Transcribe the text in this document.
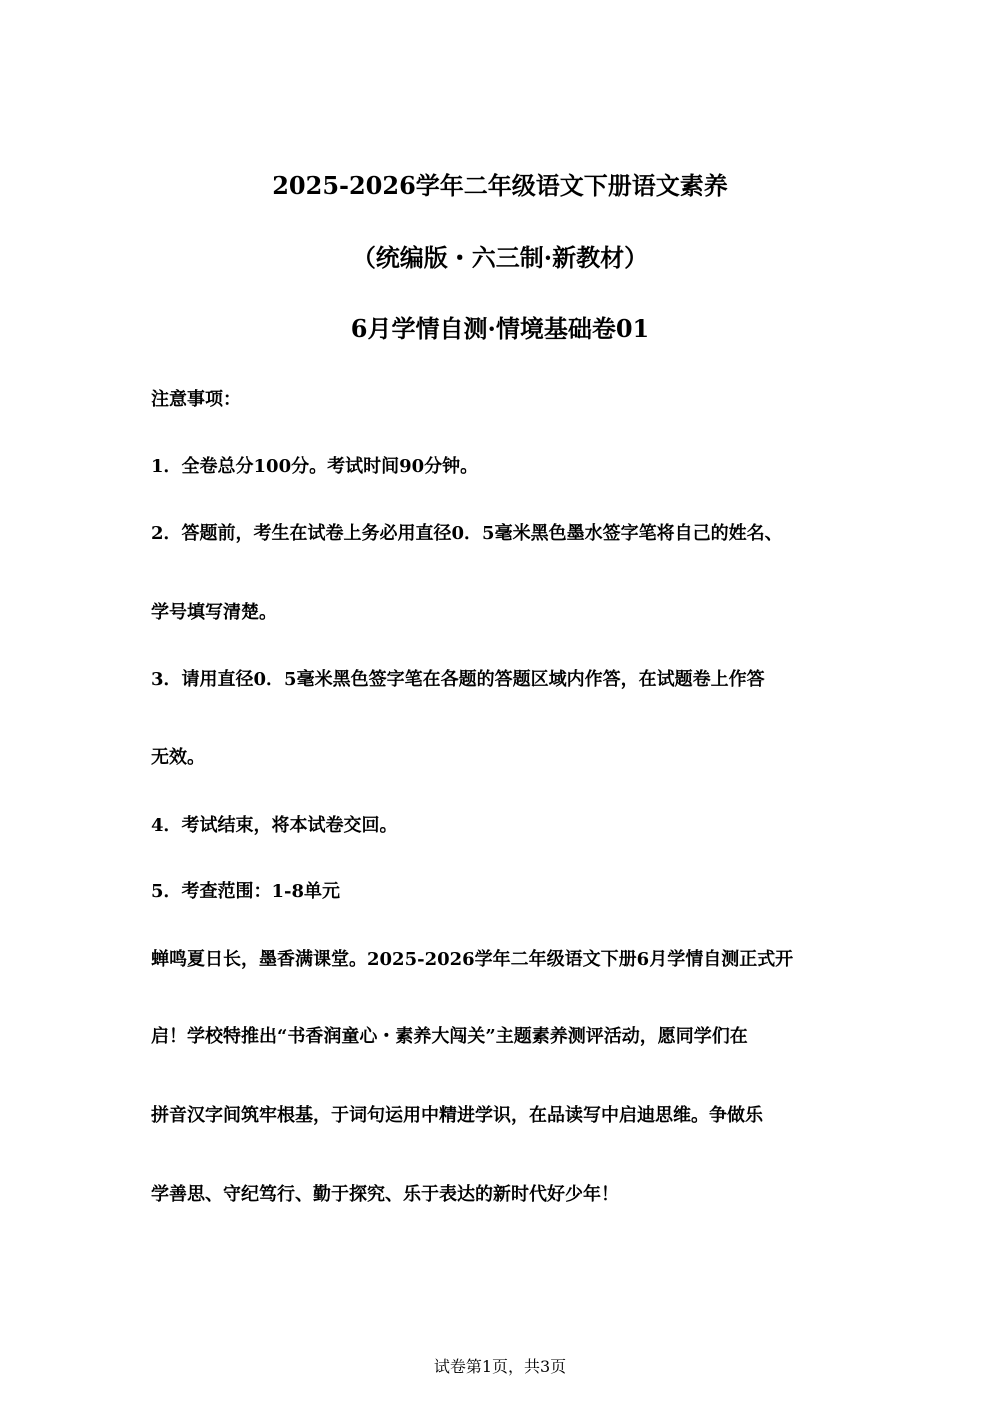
2025-2026学年二年级语文下册语文素养
（统编版・六三制·新教材）
6月学情自测·情境基础卷01

注意事项：

1．全卷总分100分。考试时间90分钟。

2．答题前，考生在试卷上务必用直径0．5毫米黑色墨水签字笔将自己的姓名、

学号填写清楚。

3．请用直径0．5毫米黑色签字笔在各题的答题区域内作答，在试题卷上作答

无效。

4．考试结束，将本试卷交回。

5．考查范围：1-8单元

蝉鸣夏日长，墨香满课堂。2025-2026学年二年级语文下册6月学情自测正式开

启！学校特推出“书香润童心・素养大闯关”主题素养测评活动，愿同学们在

拼音汉字间筑牢根基，于词句运用中精进学识，在品读写中启迪思维。争做乐

学善思、守纪笃行、勤于探究、乐于表达的新时代好少年！

试卷第1页，共3页
